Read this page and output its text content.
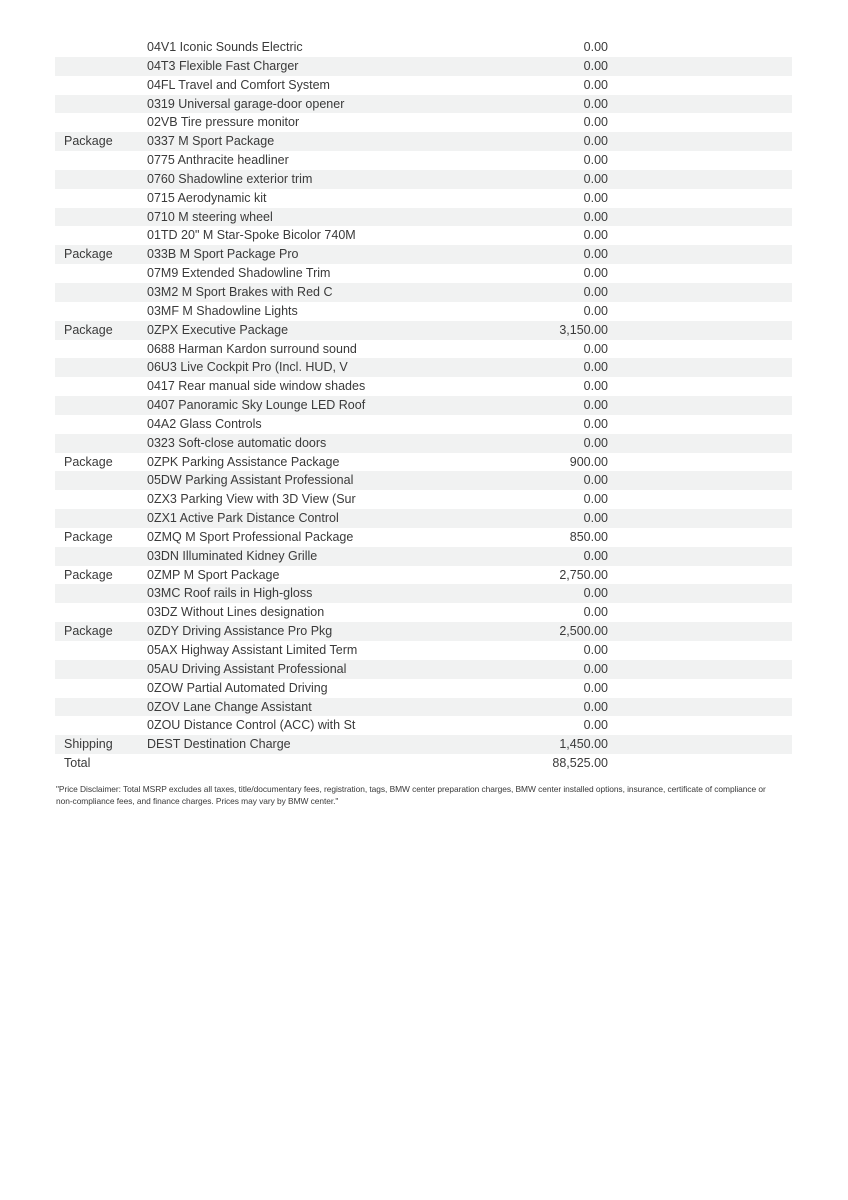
04V1 Iconic Sounds Electric	0.00
04T3 Flexible Fast Charger	0.00
04FL Travel and Comfort System	0.00
0319 Universal garage-door opener	0.00
02VB Tire pressure monitor	0.00
Package	0337 M Sport Package	0.00
0775 Anthracite headliner	0.00
0760 Shadowline exterior trim	0.00
0715 Aerodynamic kit	0.00
0710 M steering wheel	0.00
01TD 20" M Star-Spoke Bicolor 740M	0.00
Package	033B M Sport Package Pro	0.00
07M9 Extended Shadowline Trim	0.00
03M2 M Sport Brakes with Red C	0.00
03MF M Shadowline Lights	0.00
Package	0ZPX Executive Package	3,150.00
0688 Harman Kardon surround sound	0.00
06U3 Live Cockpit Pro (Incl. HUD, V	0.00
0417 Rear manual side window shades	0.00
0407 Panoramic Sky Lounge LED Roof	0.00
04A2 Glass Controls	0.00
0323 Soft-close automatic doors	0.00
Package	0ZPK Parking Assistance Package	900.00
05DW Parking Assistant Professional	0.00
0ZX3 Parking View with 3D View (Sur	0.00
0ZX1 Active Park Distance Control	0.00
Package	0ZMQ M Sport Professional Package	850.00
03DN Illuminated Kidney Grille	0.00
Package	0ZMP M Sport Package	2,750.00
03MC Roof rails in High-gloss	0.00
03DZ Without Lines designation	0.00
Package	0ZDY Driving Assistance Pro Pkg	2,500.00
05AX Highway Assistant Limited Term	0.00
05AU Driving Assistant Professional	0.00
0ZOW Partial Automated Driving	0.00
0ZOV Lane Change Assistant	0.00
0ZOU Distance Control (ACC) with St	0.00
Shipping	DEST Destination Charge	1,450.00
Total	88,525.00
"Price Disclaimer: Total MSRP excludes all taxes, title/documentary fees, registration, tags, BMW center preparation charges, BMW center installed options, insurance, certificate of compliance or non-compliance fees, and finance charges. Prices may vary by BMW center."
